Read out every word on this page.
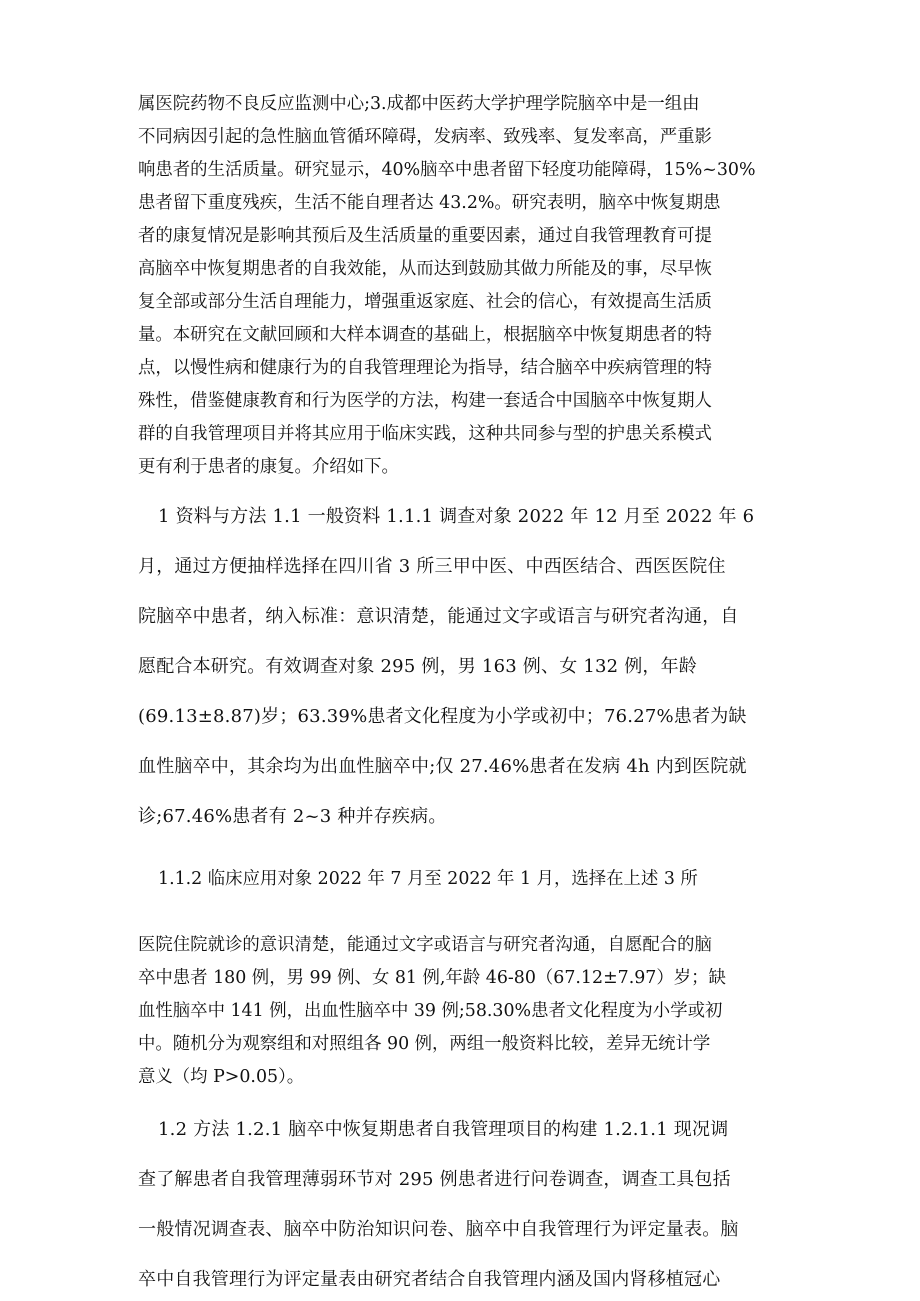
属医院药物不良反应监测中心;3.成都中医药大学护理学院脑卒中是一组由
不同病因引起的急性脑血管循环障碍，发病率、致残率、复发率高，严重影
响患者的生活质量。研究显示，40%脑卒中患者留下轻度功能障碍，15%~30%
患者留下重度残疾，生活不能自理者达 43.2%。研究表明，脑卒中恢复期患
者的康复情况是影响其预后及生活质量的重要因素，通过自我管理教育可提
高脑卒中恢复期患者的自我效能，从而达到鼓励其做力所能及的事，尽早恢
复全部或部分生活自理能力，增强重返家庭、社会的信心，有效提高生活质
量。本研究在文献回顾和大样本调查的基础上，根据脑卒中恢复期患者的特
点，以慢性病和健康行为的自我管理理论为指导，结合脑卒中疾病管理的特
殊性，借鉴健康教育和行为医学的方法，构建一套适合中国脑卒中恢复期人
群的自我管理项目并将其应用于临床实践，这种共同参与型的护患关系模式
更有利于患者的康复。介绍如下。
1 资料与方法 1.1 一般资料 1.1.1 调查对象 2022 年 12 月至 2022 年 6
月，通过方便抽样选择在四川省 3 所三甲中医、中西医结合、西医医院住
院脑卒中患者，纳入标准：意识清楚，能通过文字或语言与研究者沟通，自
愿配合本研究。有效调查对象 295 例，男 163 例、女 132 例，年龄
(69.13±8.87)岁；63.39%患者文化程度为小学或初中；76.27%患者为缺
血性脑卒中，其余均为出血性脑卒中;仅 27.46%患者在发病 4h 内到医院就
诊;67.46%患者有 2~3 种并存疾病。
1.1.2 临床应用对象 2022 年 7 月至 2022 年 1 月，选择在上述 3 所
医院住院就诊的意识清楚，能通过文字或语言与研究者沟通，自愿配合的脑
卒中患者 180 例，男 99 例、女 81 例,年龄 46-80（67.12±7.97）岁；缺
血性脑卒中 141 例，出血性脑卒中 39 例;58.30%患者文化程度为小学或初
中。随机分为观察组和对照组各 90 例，两组一般资料比较，差异无统计学
意义（均 P>0.05）。
1.2 方法 1.2.1 脑卒中恢复期患者自我管理项目的构建 1.2.1.1 现况调
查了解患者自我管理薄弱环节对 295 例患者进行问卷调查，调查工具包括
一般情况调查表、脑卒中防治知识问卷、脑卒中自我管理行为评定量表。脑
卒中自我管理行为评定量表由研究者结合自我管理内涵及国内肾移植冠心
